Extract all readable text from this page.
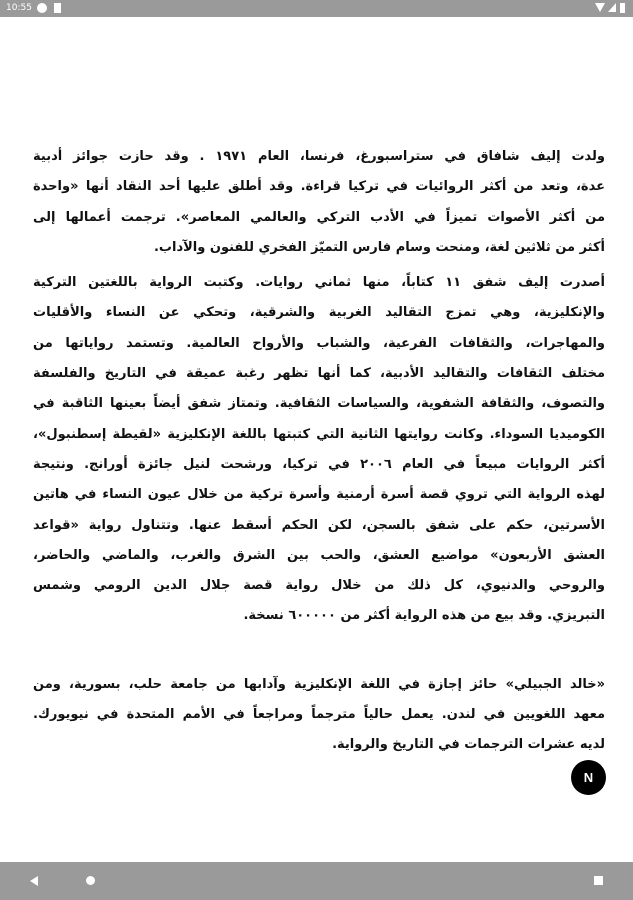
10:55
ولدت إليف شافاق في ستراسبورغ، فرنسا، العام ١٩٧١ . وقد حازت جوائز أدبية
عدة، وتعد من أكثر الروائيات في تركيا قراءة. وقد أطلق عليها أحد النقاد أنها «واحدة
من أكثر الأصوات تميزاً في الأدب التركي والعالمي المعاصر». ترجمت أعمالها إلى
أكثر من ثلاثين لغة، ومنحت وسام فارس التميّز الفخري للفنون والآداب.
أصدرت إليف شفق ١١ كتاباً، منها ثماني روايات. وكتبت الرواية باللغتين التركية
والإنكليزية، وهي تمزج التقاليد الغربية والشرقية، وتحكي عن النساء والأقليات
والمهاجرات، والثقافات الفرعية، والشباب والأرواح العالمية. وتستمد رواياتها من
مختلف الثقافات والتقاليد الأدبية، كما أنها تظهر رغبة عميقة في التاريخ والفلسفة
والتصوف، والثقافة الشفوية، والسياسات الثقافية. وتمتاز شفق أيضاً بعينها الثاقبة في
الكوميديا السوداء. وكانت روايتها الثانية التي كتبتها باللغة الإنكليزية «لقيطة إسطنبول»،
أكثر الروايات مبيعاً في العام ٢٠٠٦ في تركيا، ورشحت لنيل جائزة أورانج. ونتيجة
لهذه الرواية التي تروي قصة أسرة أرمنية وأسرة تركية من خلال عيون النساء في هاتين
الأسرتين، حكم على شفق بالسجن، لكن الحكم أسقط عنها. وتتناول رواية «قواعد
العشق الأربعون» مواضيع العشق، والحب بين الشرق والغرب، والماضي والحاضر،
والروحي والدنيوي، كل ذلك من خلال رواية قصة جلال الدين الرومي وشمس
التبريزي. وقد بيع من هذه الرواية أكثر من ٦٠٠٠٠٠ نسخة.
«خالد الجبيلي» حائز إجازة في اللغة الإنكليزية وآدابها من جامعة حلب، بسورية، ومن
معهد اللغويين في لندن. يعمل حالياً مترجماً ومراجعاً في الأمم المتحدة في نيويورك.
لديه عشرات الترجمات في التاريخ والرواية.
N
